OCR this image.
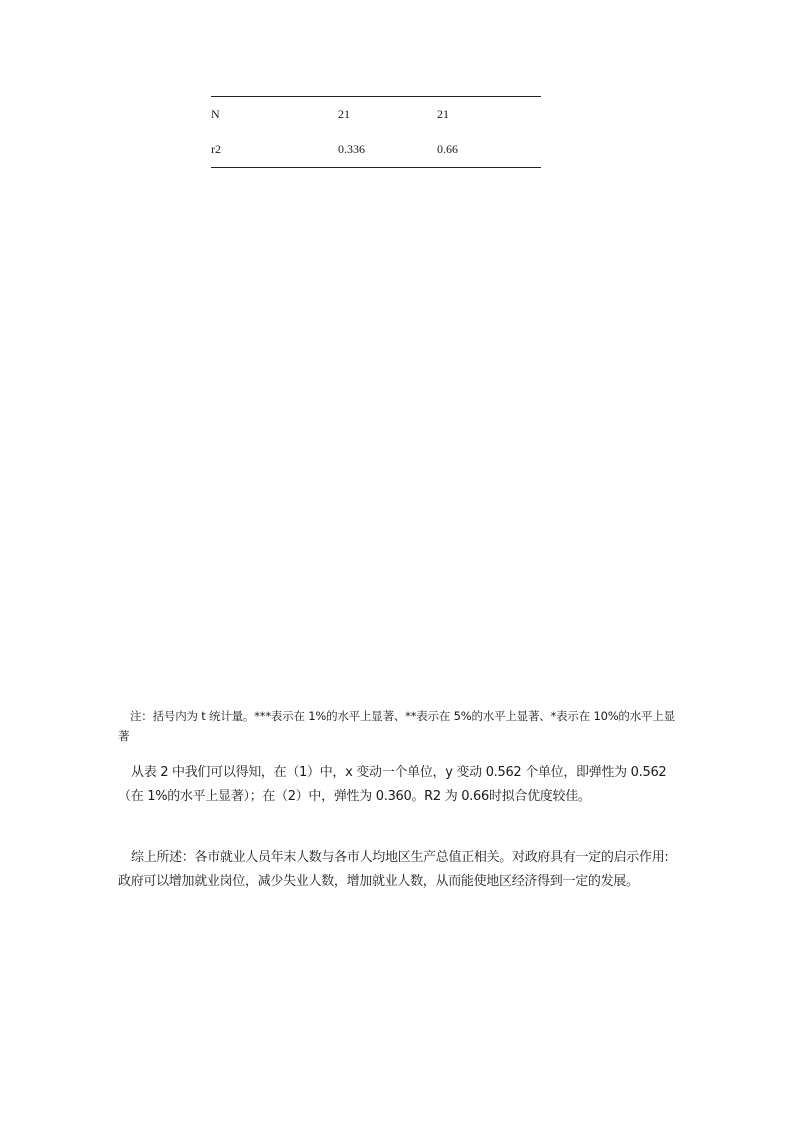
N	21	21
r2	0.336	0.66

注：括号内为 t 统计量。***表示在 1%的水平上显著、**表示在 5%的水平上显著、*表示在 10%的水平上显著

从表 2 中我们可以得知，在（1）中，x 变动一个单位，y 变动 0.562 个单位，即弹性为 0.562（在 1%的水平上显著）；在（2）中，弹性为 0.360。R2 为 0.66时拟合优度较佳。

综上所述：各市就业人员年末人数与各市人均地区生产总值正相关。对政府具有一定的启示作用: 政府可以增加就业岗位，减少失业人数，增加就业人数，从而能使地区经济得到一定的发展。
